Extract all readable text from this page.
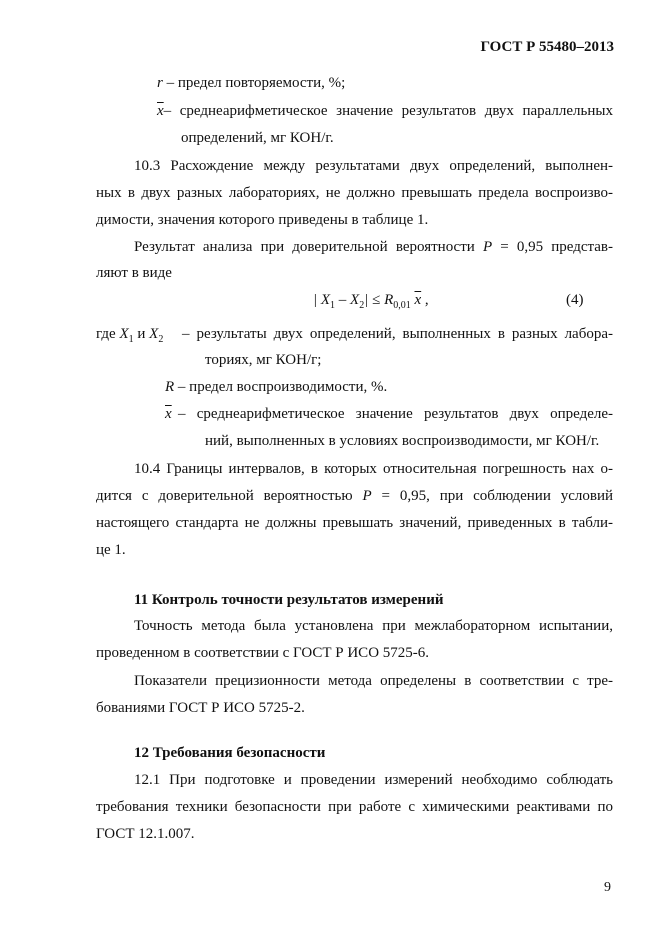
ГОСТ Р 55480–2013
r – предел повторяемости, %;
$\overline{x}-$ среднеарифметическое значение результатов двух параллельных
определений, мг КОН/г.
10.3 Расхождение между результатами двух определений, выполнен-
ных в двух разных лабораториях, не должно превышать предела воспроизво-
димости, значения которого приведены в таблице 1.
Результат анализа при доверительной вероятности P = 0,95 представ-
ляют в виде
| $X_1 - X_2| \le R_{0,01}$ $\overline{x}$ ,	(4)
где $X_1$ и $X_2$ – результаты двух определений, выполненных в разных лабора-
ториях, мг КОН/г;
R – предел воспроизводимости, %.
$\overline{x}$ – среднеарифметическое значение результатов двух определе-
ний, выполненных в условиях воспроизводимости, мг КОН/г.
10.4 Границы интервалов, в которых относительная погрешность нах о-
дится с доверительной вероятностью P = 0,95, при соблюдении условий
настоящего стандарта не должны превышать значений, приведенных в табли-
це 1.
11 Контроль точности результатов измерений
Точность метода была установлена при межлабораторном испытании,
проведенном в соответствии с ГОСТ Р ИСО 5725-6.
Показатели прецизионности метода определены в соответствии с тре-
бованиями ГОСТ Р ИСО 5725-2.
12 Требования безопасности
12.1 При подготовке и проведении измерений необходимо соблюдать
требования техники безопасности при работе с химическими реактивами по
ГОСТ 12.1.007.
9
